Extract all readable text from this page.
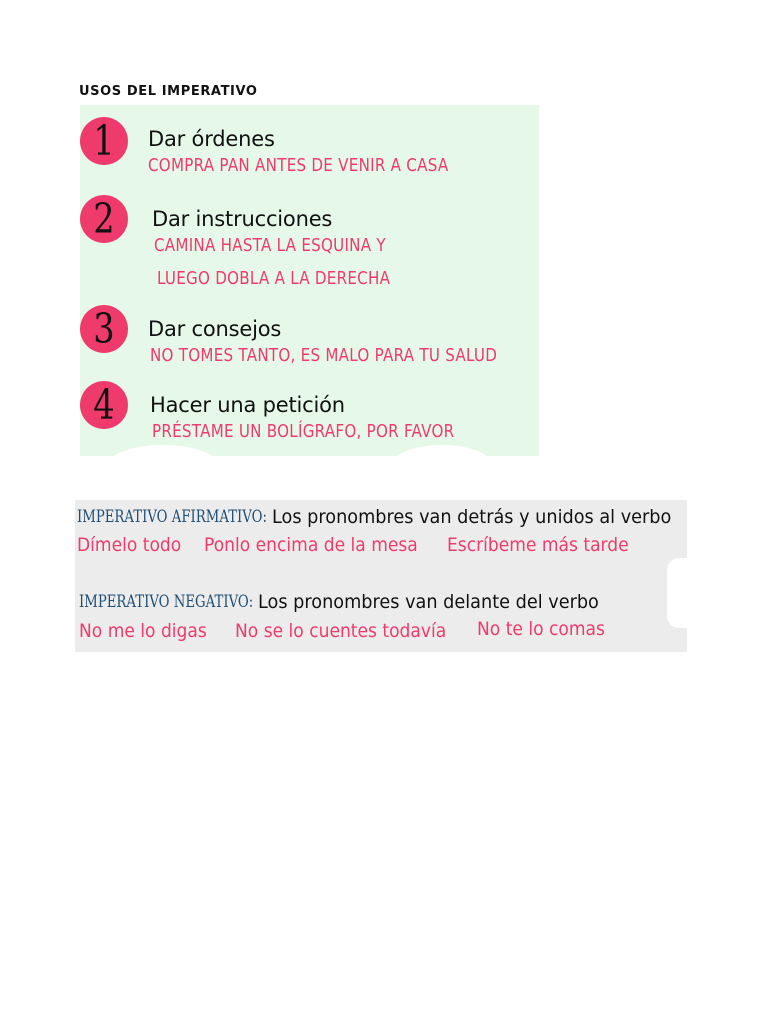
USOS DEL IMPERATIVO
1	Dar órdenes
COMPRA PAN ANTES DE VENIR A CASA
2	Dar instrucciones
CAMINA HASTA LA ESQUINA Y
LUEGO DOBLA A LA DERECHA
3	Dar consejos
NO TOMES TANTO, ES MALO PARA TU SALUD
4	Hacer una petición
PRÉSTAME UN BOLÍGRAFO, POR FAVOR
IMPERATIVO AFIRMATIVO: Los pronombres van detrás y unidos al verbo
Dímelo todo Ponlo encima de la mesa Escríbeme más tarde
IMPERATIVO NEGATIVO: Los pronombres van delante del verbo
No me lo digas No se lo cuentes todavía No te lo comas
